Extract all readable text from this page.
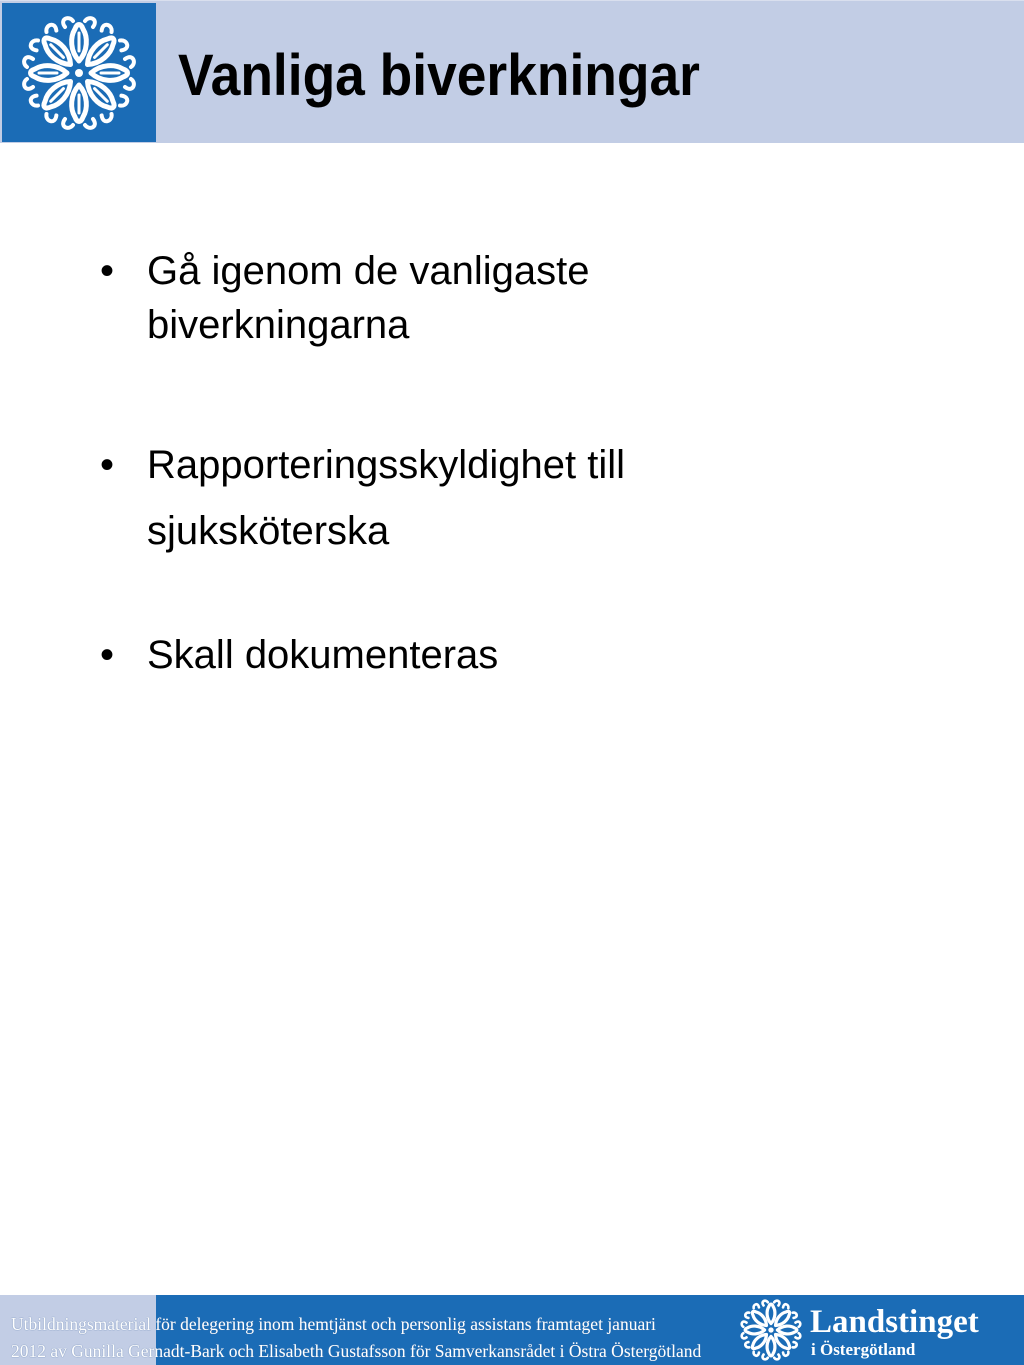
Vanliga biverkningar
• Gå igenom de vanligaste
biverkningarna
• Rapporteringsskyldighet till
sjuksköterska
• Skall dokumenteras
Utbildningsmaterial för delegering inom hemtjänst och personlig assistans framtaget januari
2012 av Gunilla Gernadt-Bark och Elisabeth Gustafsson för Samverkansrådet i Östra Östergötland
Landstinget
i Östergötland
